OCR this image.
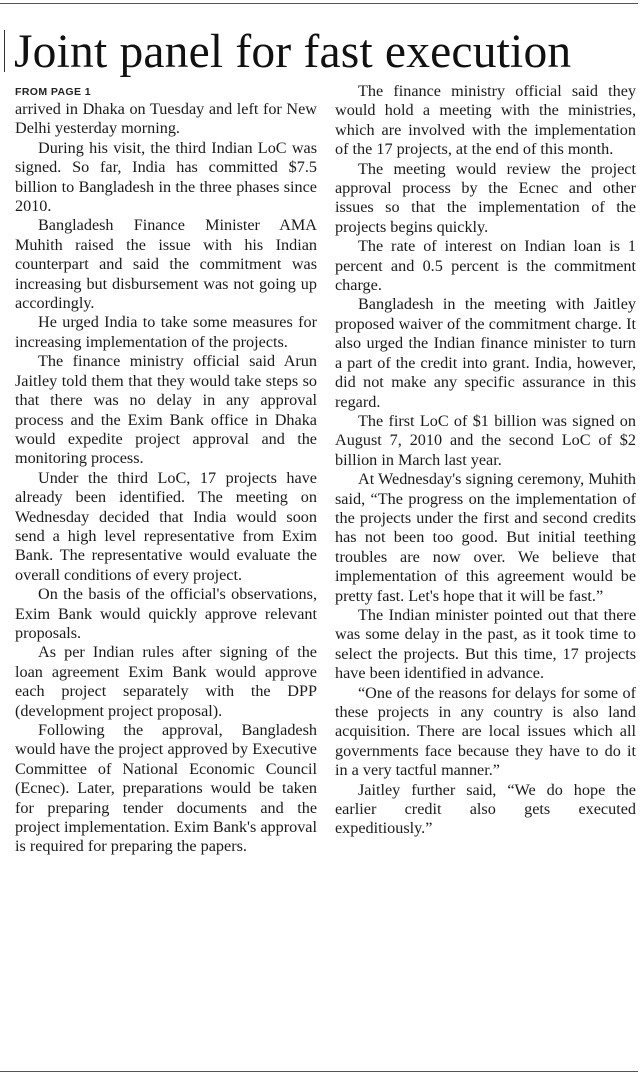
Joint panel for fast execution
FROM PAGE 1

arrived in Dhaka on Tuesday and left for New Delhi yesterday morning.

During his visit, the third Indian LoC was signed. So far, India has committed $7.5 billion to Bangladesh in the three phases since 2010.

Bangladesh Finance Minister AMA Muhith raised the issue with his Indian counterpart and said the commitment was increasing but disbursement was not going up accordingly.

He urged India to take some measures for increasing implementation of the projects.

The finance ministry official said Arun Jaitley told them that they would take steps so that there was no delay in any approval process and the Exim Bank office in Dhaka would expedite project approval and the monitoring process.

Under the third LoC, 17 projects have already been identified. The meeting on Wednesday decided that India would soon send a high level representative from Exim Bank. The representative would evaluate the overall conditions of every project.

On the basis of the official's observations, Exim Bank would quickly approve relevant proposals.

As per Indian rules after signing of the loan agreement Exim Bank would approve each project separately with the DPP (development project proposal).

Following the approval, Bangladesh would have the project approved by Executive Committee of National Economic Council (Ecnec). Later, preparations would be taken for preparing tender documents and the project implementation. Exim Bank's approval is required for preparing the papers.

The finance ministry official said they would hold a meeting with the ministries, which are involved with the implementation of the 17 projects, at the end of this month.

The meeting would review the project approval process by the Ecnec and other issues so that the implementation of the projects begins quickly.

The rate of interest on Indian loan is 1 percent and 0.5 percent is the commitment charge.

Bangladesh in the meeting with Jaitley proposed waiver of the commitment charge. It also urged the Indian finance minister to turn a part of the credit into grant. India, however, did not make any specific assurance in this regard.

The first LoC of $1 billion was signed on August 7, 2010 and the second LoC of $2 billion in March last year.

At Wednesday's signing ceremony, Muhith said, “The progress on the implementation of the projects under the first and second credits has not been too good. But initial teething troubles are now over. We believe that implementation of this agreement would be pretty fast. Let's hope that it will be fast.”

The Indian minister pointed out that there was some delay in the past, as it took time to select the projects. But this time, 17 projects have been identified in advance.

“One of the reasons for delays for some of these projects in any country is also land acquisition. There are local issues which all governments face because they have to do it in a very tactful manner.”

Jaitley further said, “We do hope the earlier credit also gets executed expeditiously.”
